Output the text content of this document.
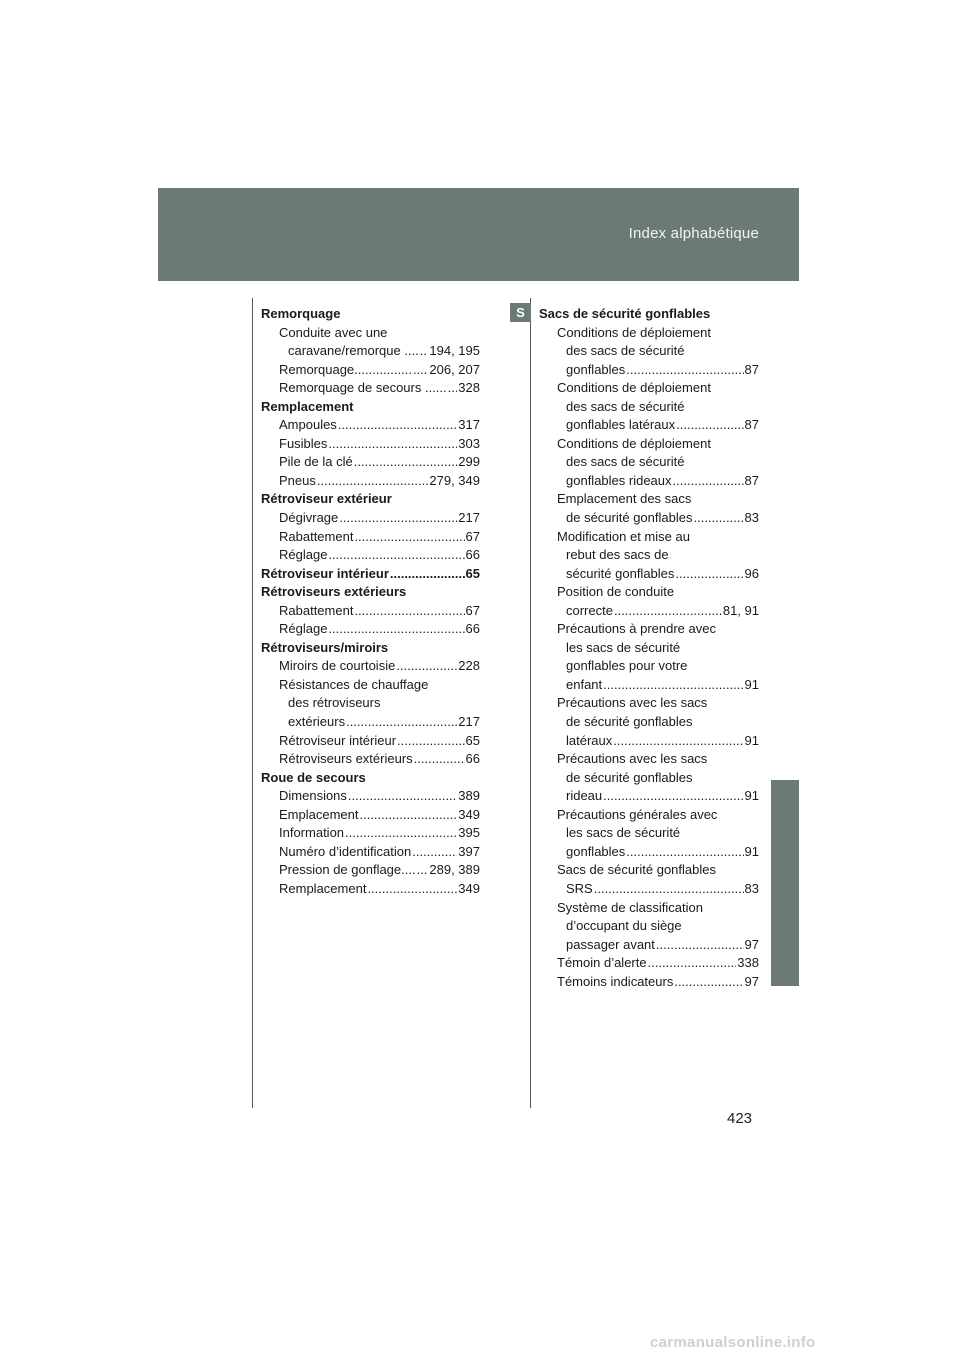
Index alphabétique
S
Remorquage
Conduite avec une
caravane/remorque .... ..... 194, 195
Remorquage................ ..... 206, 207
Remorquage de secours ...... ..... 328
Remplacement
Ampoules .....	317
Fusibles .....	303
Pile de la clé .....	299
Pneus .....	279, 349
Rétroviseur extérieur
Dégivrage .....	217
Rabattement .....	67
Réglage .....	66
Rétroviseur intérieur .....	65
Rétroviseurs extérieurs
Rabattement .....	67
Réglage .....	66
Rétroviseurs/miroirs
Miroirs de courtoisie .....	228
Résistances de chauffage
des rétroviseurs
extérieurs .....	217
Rétroviseur intérieur .....	65
Rétroviseurs extérieurs .....	66
Roue de secours
Dimensions .....	389
Emplacement .....	349
Information .....	395
Numéro d’identification .....	397
Pression de gonflage.... ..... 289, 389
Remplacement .....	349
Sacs de sécurité gonflables
Conditions de déploiement
des sacs de sécurité
gonflables .....	87
Conditions de déploiement
des sacs de sécurité
gonflables latéraux .....	87
Conditions de déploiement
des sacs de sécurité
gonflables rideaux .....	87
Emplacement des sacs
de sécurité gonflables .....	83
Modification et mise au
rebut des sacs de
sécurité gonflables .....	96
Position de conduite
correcte .....	81, 91
Précautions à prendre avec
les sacs de sécurité
gonflables pour votre
enfant .....	91
Précautions avec les sacs
de sécurité gonflables
latéraux .....	91
Précautions avec les sacs
de sécurité gonflables
rideau .....	91
Précautions générales avec
les sacs de sécurité
gonflables .....	91
Sacs de sécurité gonflables
SRS .....	83
Système de classification
d’occupant du siège
passager avant .....	97
Témoin d’alerte .....	338
Témoins indicateurs .....	97
423
carmanualsonline.info
